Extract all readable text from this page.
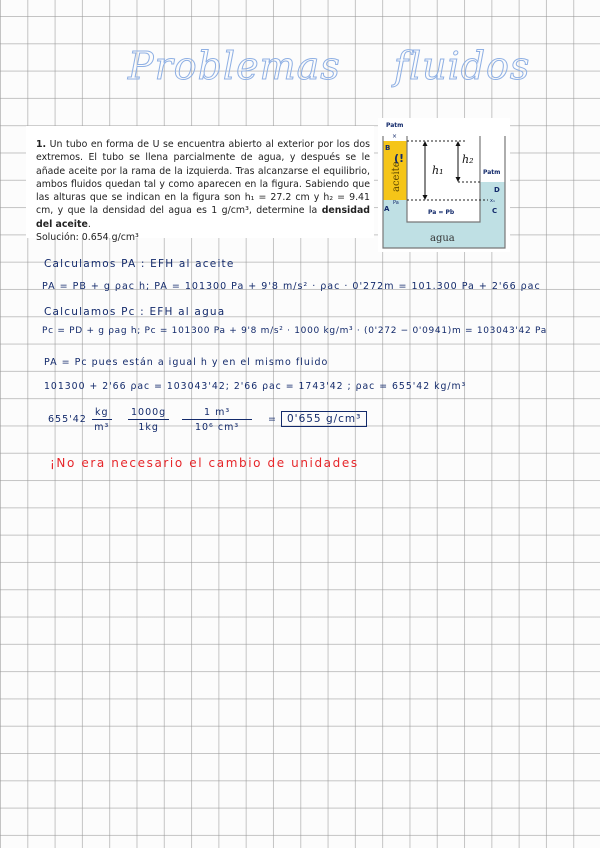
Problemas fluidos
1. Un tubo en forma de U se encuentra abierto al exterior por los dos extremos. El tubo se llena parcialmente de agua, y después se le añade aceite por la rama de la izquierda. Tras alcanzarse el equilibrio, ambos fluidos quedan tal y como aparecen en la figura. Sabiendo que las alturas que se indican en la figura son h₁ = 27.2 cm y h₂ = 9.41 cm, y que la densidad del agua es 1 g/cm³, determine la densidad del aceite.
Solución: 0.654 g/cm³
h₁
h₂
aceite
agua
Patm
Patm
×
B
(!
A
Pa
Pa = Pb
D
x₁
C
Calculamos PA : EFH al aceite
PA = PB + g ρac h; PA = 101300 Pa + 9'8 m/s² · ρac · 0'272m = 101.300 Pa + 2'66 ρac
Calculamos Pc : EFH al agua
Pc = PD + g ρag h; Pc = 101300 Pa + 9'8 m/s² · 1000 kg/m³ · (0'272 − 0'0941)m = 103043'42 Pa
PA = Pc pues están a igual h y en el mismo fluido
101300 + 2'66 ρac = 103043'42; 2'66 ρac = 1743'42 ; ρac = 655'42 kg/m³
$655'42 \frac{kg}{\text{m³}} \frac{1000g}{1kg} \frac{\text{1 m³}}{\text{10⁶ cm³}} = 0'655$ g/cm³
¡No era necesario el cambio de unidades
